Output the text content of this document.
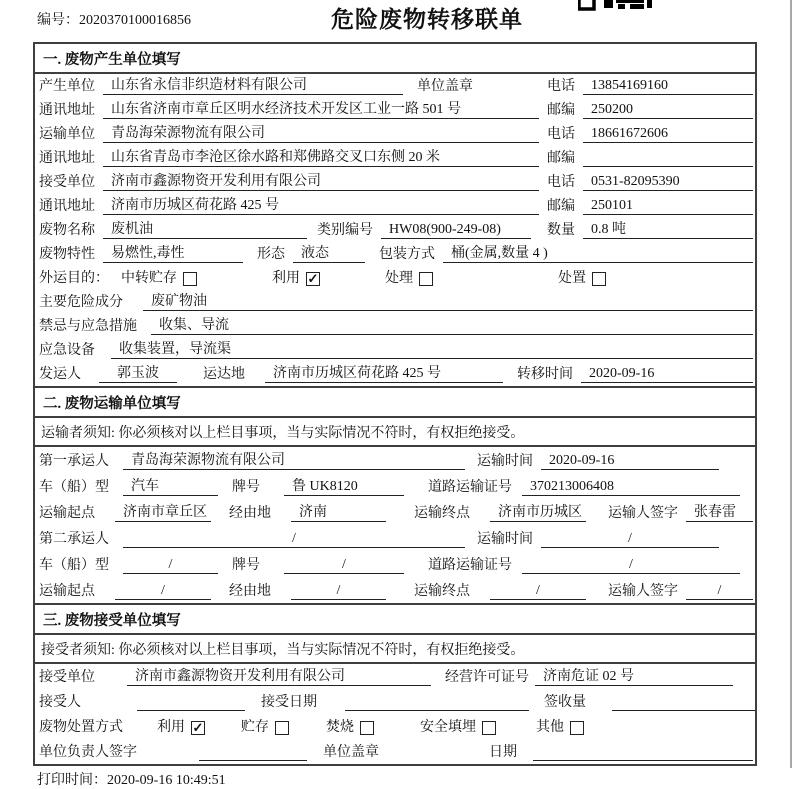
编号：2020370100016856	危险废物转移联单
一. 废物产生单位填写
产生单位	山东省永信非织造材料有限公司	单位盖章	电话	13854169160
通讯地址	山东省济南市章丘区明水经济技术开发区工业一路 501 号	邮编	250200
运输单位	青岛海荣源物流有限公司	电话	18661672606
通讯地址	山东省青岛市李沧区徐水路和郑佛路交叉口东侧 20 米	邮编
接受单位	济南市鑫源物资开发利用有限公司	电话	0531-82095390
通讯地址	济南市历城区荷花路 425 号	邮编	250101
废物名称	废机油	类别编号	HW08(900-249-08)	数量	0.8 吨
废物特性	易燃性,毒性	形态	液态	包装方式	桶(金属,数量 4 )
外运目的： 中转贮存	利用 ✓	处理	处置
主要危险成分	废矿物油
禁忌与应急措施	收集、导流
应急设备	收集装置，导流渠
发运人	郭玉波	运达地	济南市历城区荷花路 425 号	转移时间	2020-09-16
二. 废物运输单位填写
运输者须知: 你必须核对以上栏目事项，当与实际情况不符时，有权拒绝接受。
第一承运人	青岛海荣源物流有限公司	运输时间	2020-09-16
车（船）型	汽车	牌号	鲁 UK8120	道路运输证号	370213006408
运输起点	济南市章丘区 经由地	济南	运输终点	济南市历城区 运输人签字	张春雷
第二承运人	/	运输时间	/
车（船）型	/	牌号	/	道路运输证号	/
运输起点	/	经由地	/	运输终点	/	运输人签字	/
三. 废物接受单位填写
接受者须知: 你必须核对以上栏目事项，当与实际情况不符时，有权拒绝接受。
接受单位	济南市鑫源物资开发利用有限公司	经营许可证号	济南危证 02 号
接受人	接受日期	签收量
废物处置方式 利用 ✓	贮存	焚烧	安全填埋	其他
单位负责人签字	单位盖章	日期
打印时间：2020-09-16 10:49:51
